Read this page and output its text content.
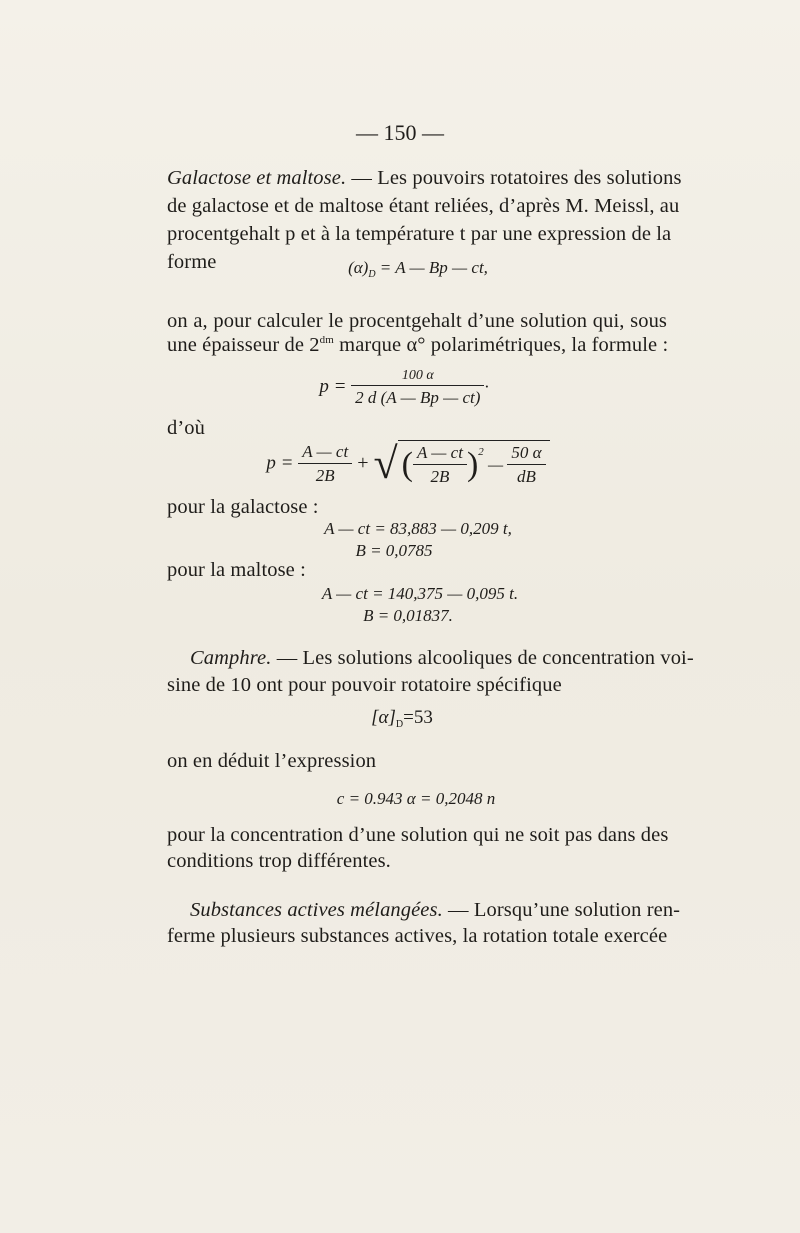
— 150 —
Galactose et maltose. — Les pouvoirs rotatoires des solutions
de galactose et de maltose étant reliées, d’après M. Meissl, au
procentgehalt p et à la température t par une expression de la
forme	$(\alpha)_D = A$ — Bp — ct,
on a, pour calculer le procentgehalt d’une solution qui, sous
une épaisseur de $2^{dm}$ marque α° polarimétriques, la formule :
$p = \frac{100 \alpha}{2 d (A — Bp — ct)}$ ·
d’où
$p = \frac{A — ct}{2B}$ + √ ( $\frac{A — ct}{2B} )^2$ — $\frac{50 \alpha}{dB}$
pour la galactose :
A — ct = 83,883 — 0,209 t,
B = 0,0785
pour la maltose :
A — ct = 140,375 — 0,095 t.
B = 0,01837.
Camphre. — Les solutions alcooliques de concentration voi-
sine de 10 ont pour pouvoir rotatoire spécifique
$[\alpha]_D=53$
on en déduit l’expression
c = 0.943 α = 0,2048 n
pour la concentration d’une solution qui ne soit pas dans des
conditions trop différentes.
Substances actives mélangées. — Lorsqu’une solution ren-
ferme plusieurs substances actives, la rotation totale exercée
